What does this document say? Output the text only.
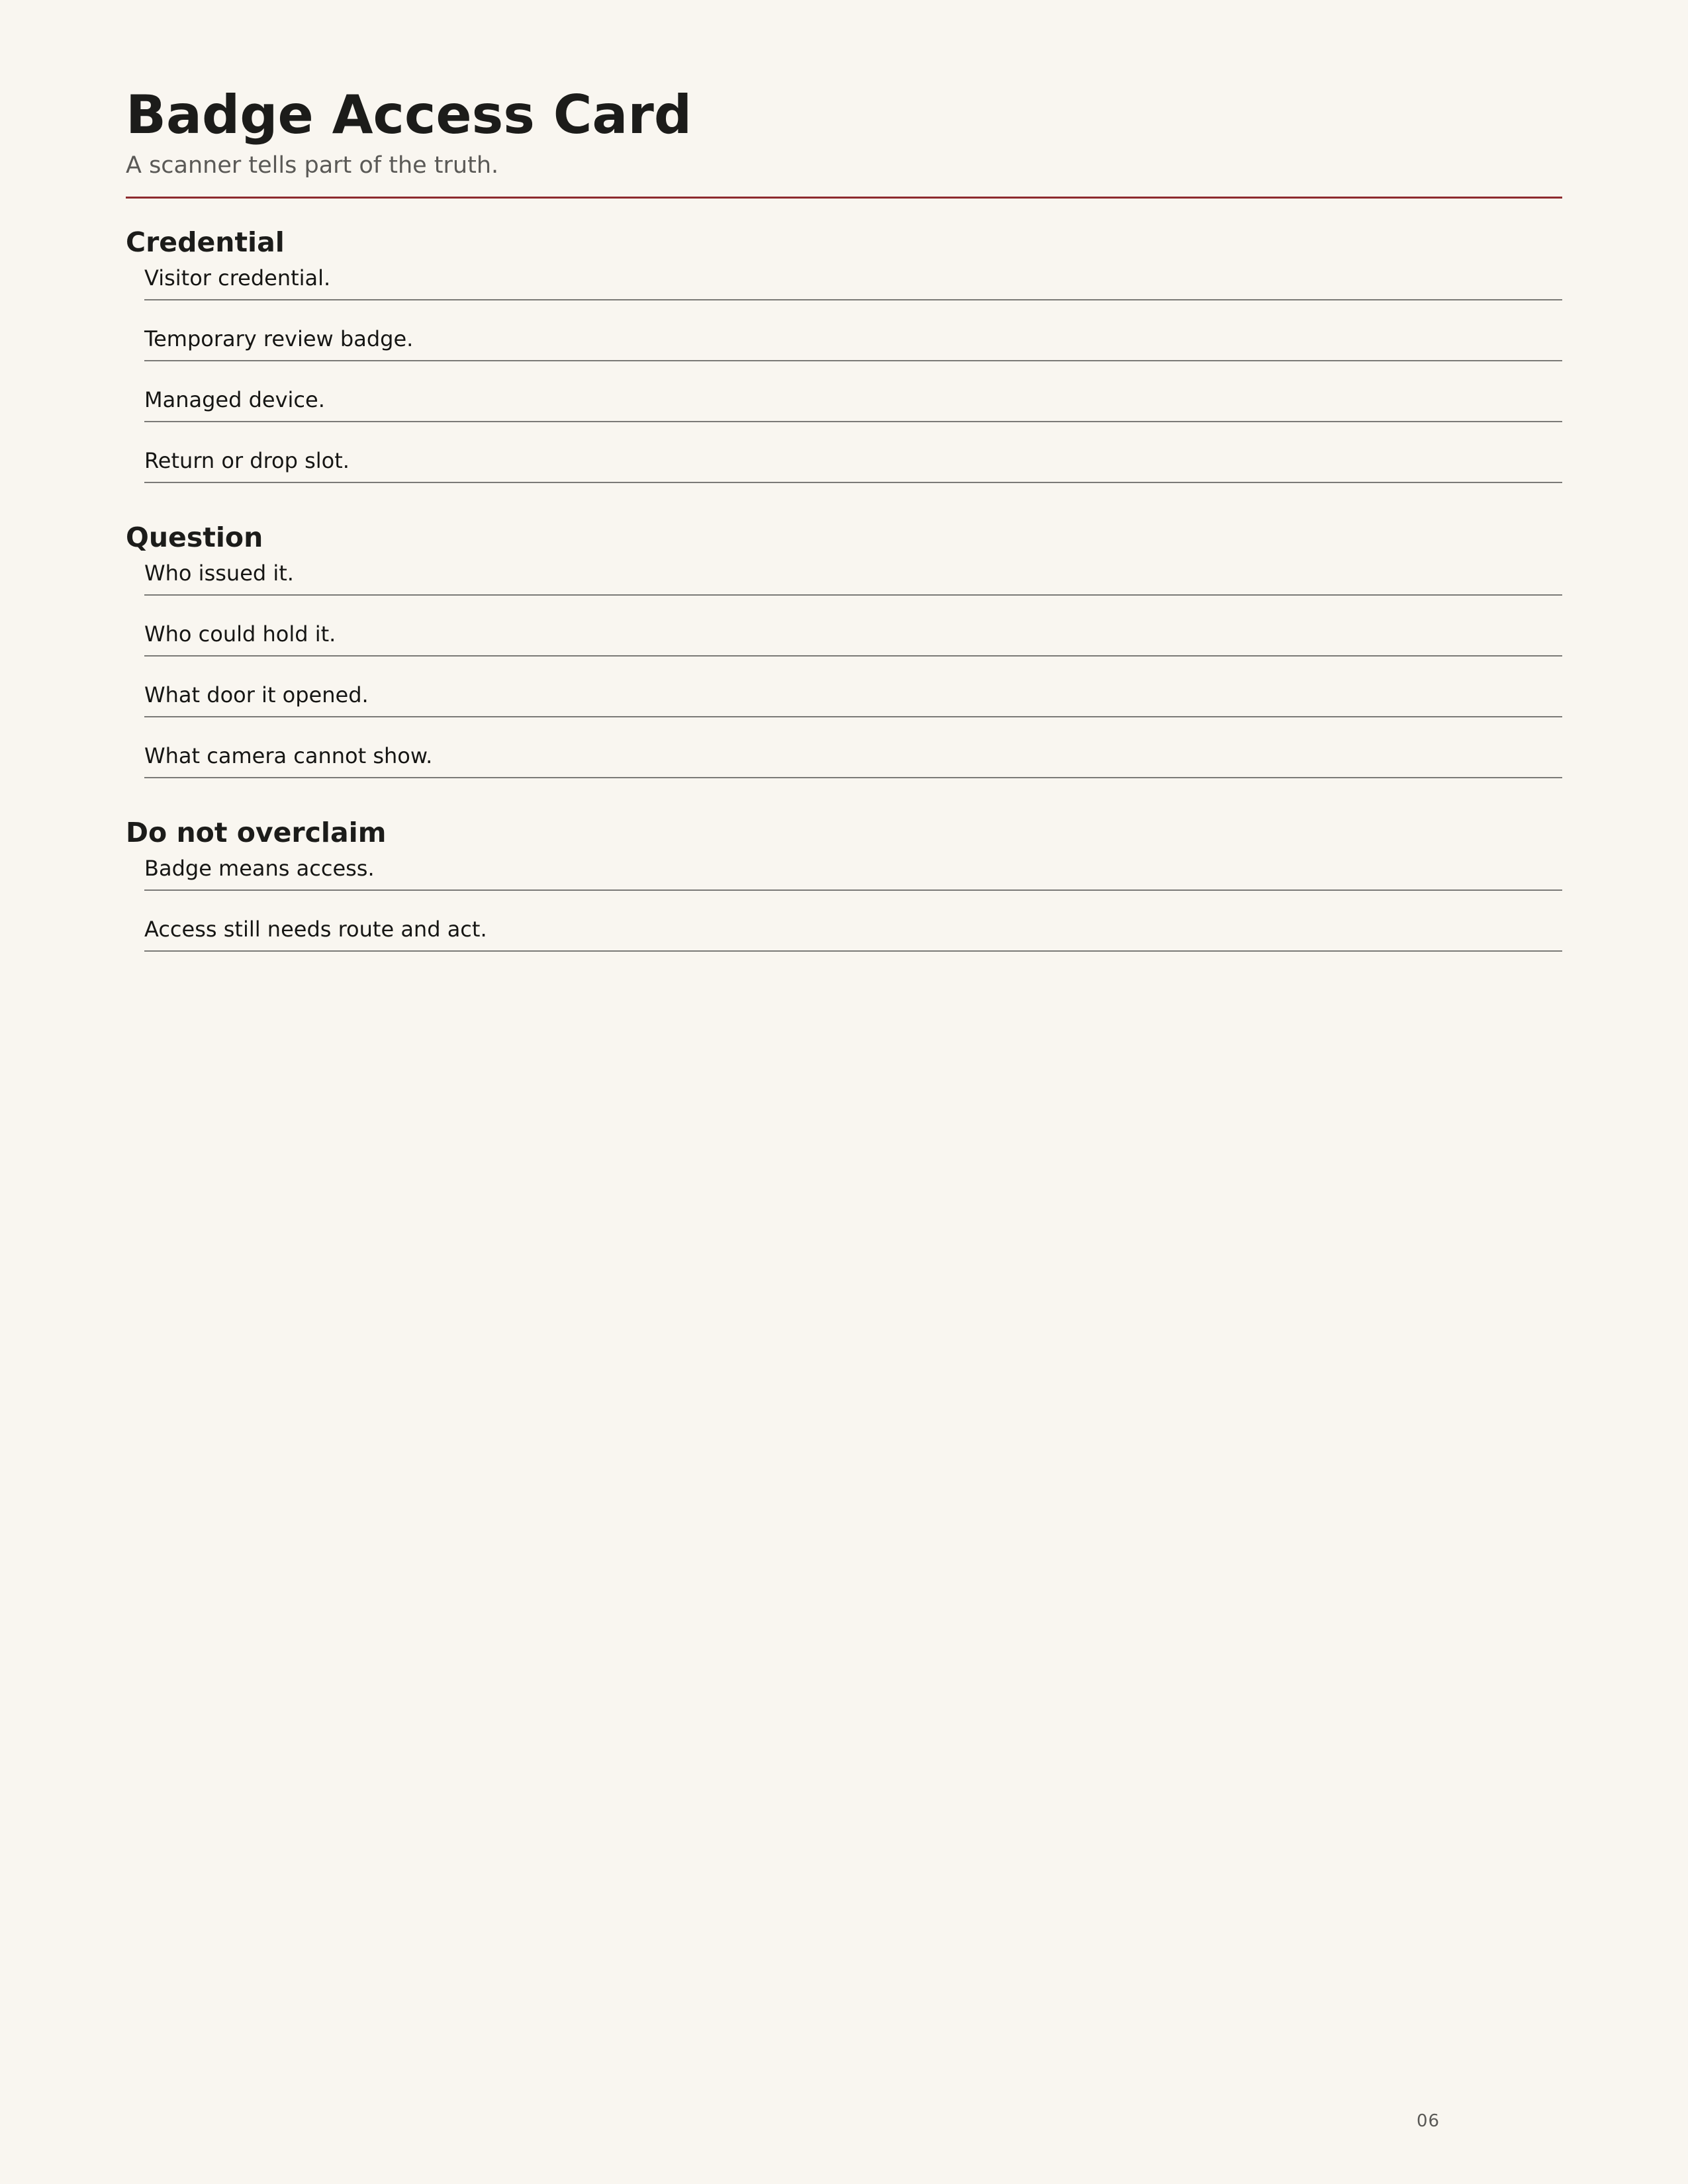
Badge Access Card
A scanner tells part of the truth.
Credential
Visitor credential.
Temporary review badge.
Managed device.
Return or drop slot.
Question
Who issued it.
Who could hold it.
What door it opened.
What camera cannot show.
Do not overclaim
Badge means access.
Access still needs route and act.
06
